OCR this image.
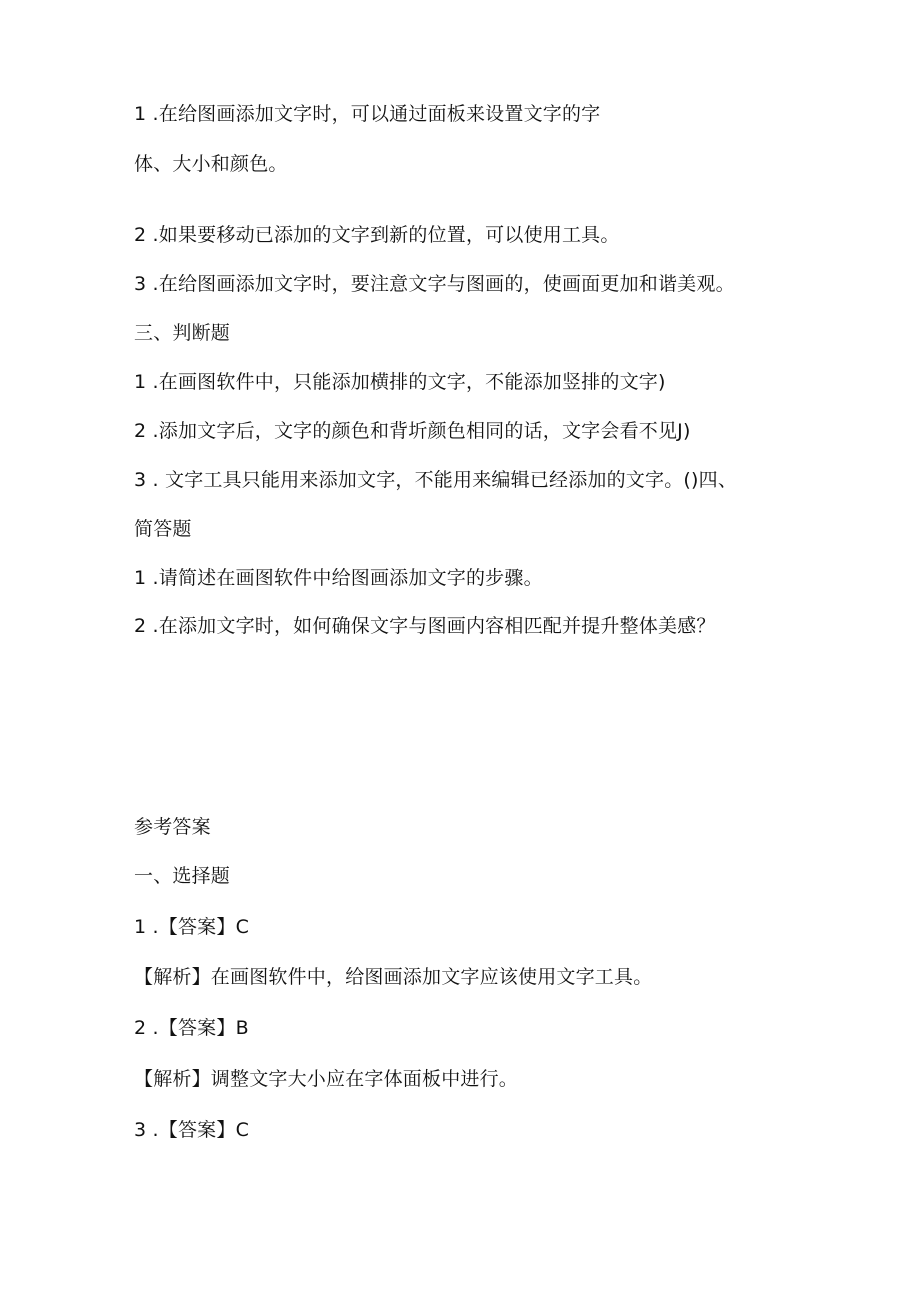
1 .在给图画添加文字时，可以通过面板来设置文字的字
体、大小和颜色。
2 .如果要移动已添加的文字到新的位置，可以使用工具。
3 .在给图画添加文字时，要注意文字与图画的，使画面更加和谐美观。
三、判断题
1 .在画图软件中，只能添加横排的文字，不能添加竖排的文字)
2 .添加文字后，文字的颜色和背圻颜色相同的话，文字会看不见J)
3 . 文字工具只能用来添加文字，不能用来编辑已经添加的文字。()四、
简答题
1 .请简述在画图软件中给图画添加文字的步骤。
2 .在添加文字时，如何确保文字与图画内容相匹配并提升整体美感？
参考答案
一、选择题
1 .【答案】C
【解析】在画图软件中，给图画添加文字应该使用文字工具。
2 .【答案】B
【解析】调整文字大小应在字体面板中进行。
3 .【答案】C
